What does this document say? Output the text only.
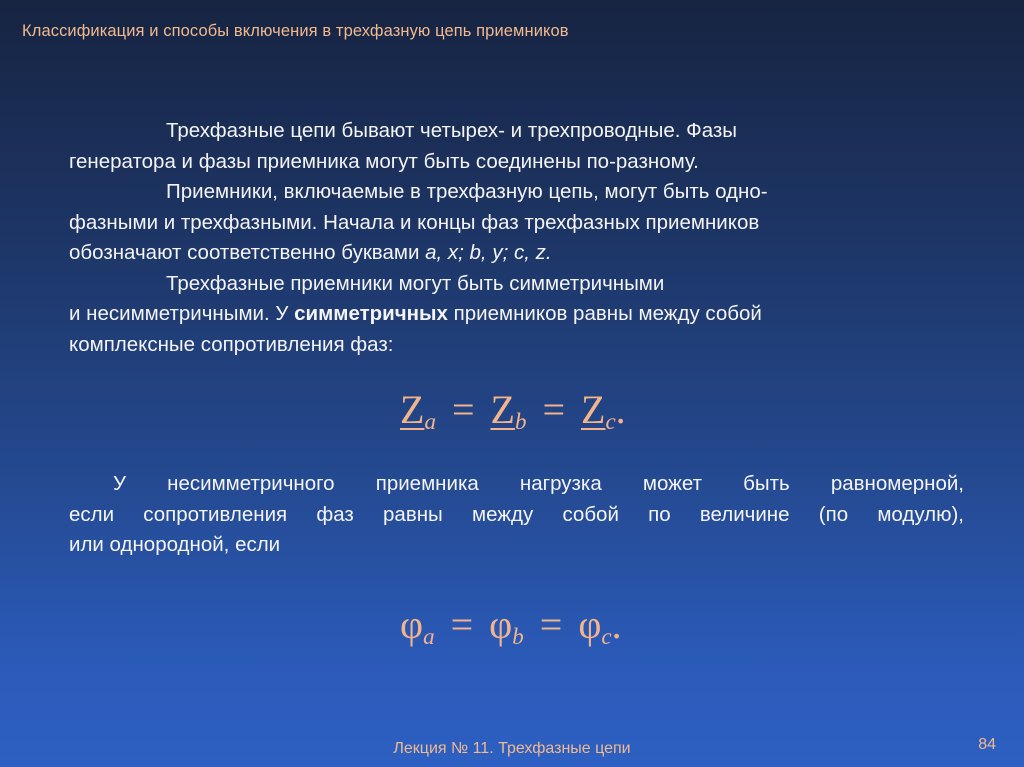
Классификация и способы включения в трехфазную цепь приемников
Трехфазные цепи бывают четырех- и трехпроводные. Фазы
генератора и фазы приемника могут быть соединены по-разному.
Приемники, включаемые в трехфазную цепь, могут быть одно-
фазными и трехфазными. Начала и концы фаз трехфазных приемников
обозначают соответственно буквами a, x; b, y; c, z.
Трехфазные приемники могут быть симметричными
и несимметричными. У симметричных приемников равны между собой
комплексные сопротивления фаз:
$Z_a = Z_b = Z_c$.
У несимметричного приемника нагрузка может быть равномерной,
если сопротивления фаз равны между собой по величине (по модулю),
или однородной, если
$\varphi_a = \varphi_b = \varphi_c$.
Лекция № 11. Трехфазные цепи	84
